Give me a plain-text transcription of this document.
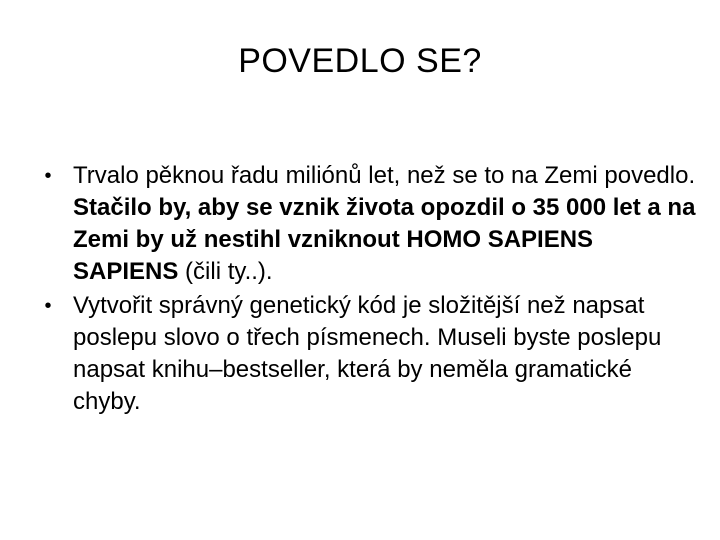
POVEDLO SE?
• Trvalo pěknou řadu miliónů let, než se to na Zemi povedlo. Stačilo by, aby se vznik života opozdil o 35 000 let a na Zemi by už nestihl vzniknout HOMO SAPIENS SAPIENS (čili ty..).
• Vytvořit správný genetický kód je složitější než napsat poslepu slovo o třech písmenech. Museli byste poslepu napsat knihu–bestseller, která by neměla gramatické chyby.
